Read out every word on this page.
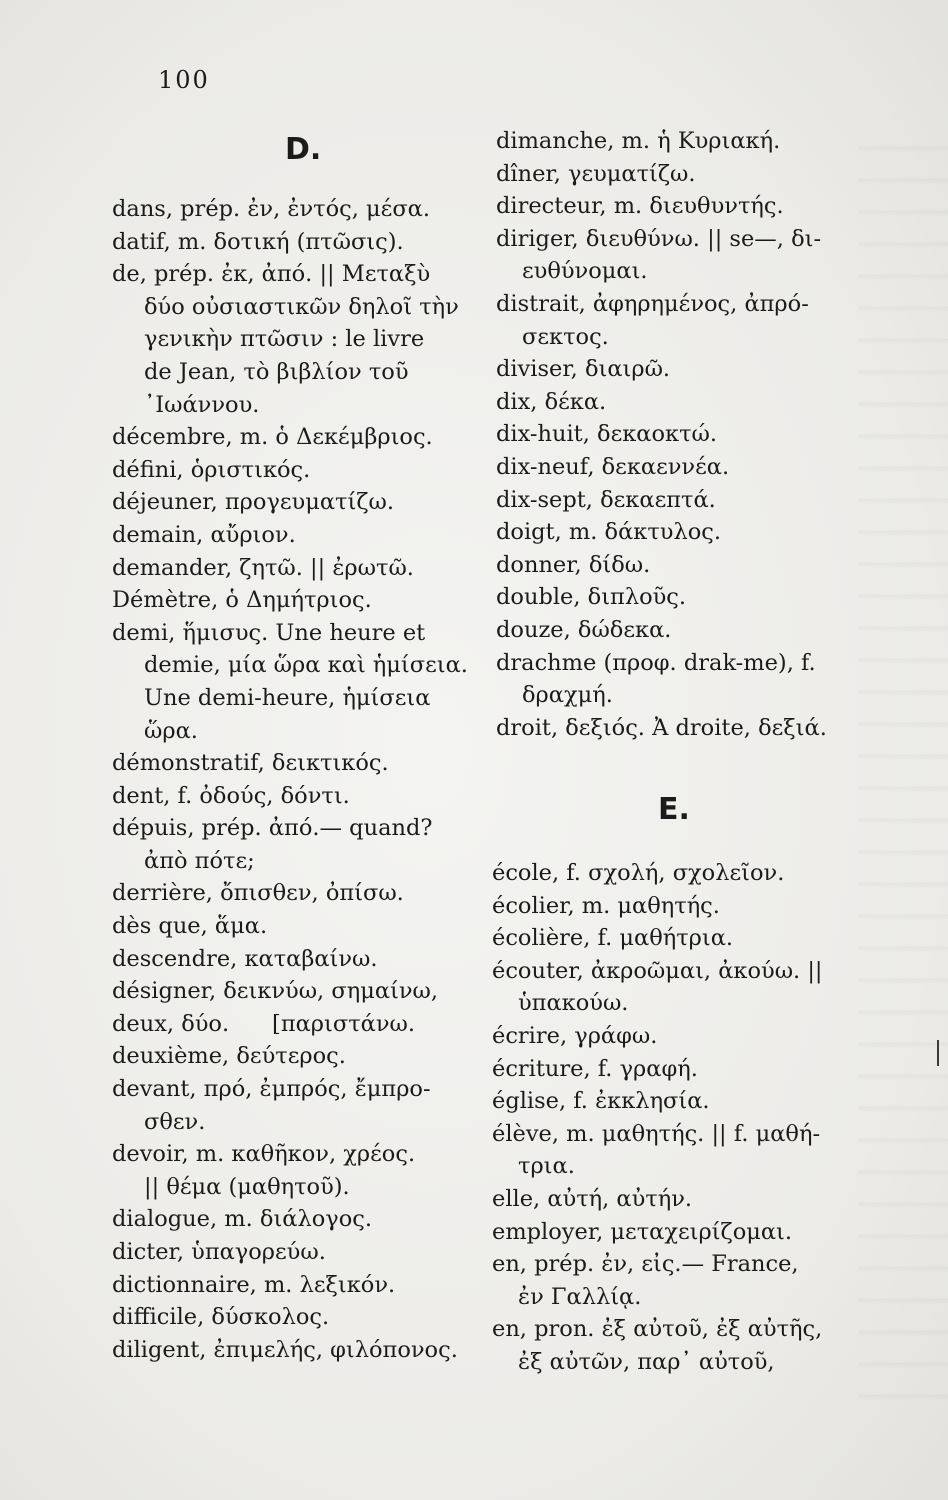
100
D.
dans, prép. ἐν, ἐντός, μέσα.
datif, m. δοτική (πτῶσις).
de, prép. ἐκ, ἀπό. || Μεταξὺ
δύο οὐσιαστικῶν δηλοῖ τὴν
γενικὴν πτῶσιν : le livre
de Jean, τὸ βιβλίον τοῦ
᾿Ιωάννου.
décembre, m. ὁ Δεκέμβριος.
défini, ὁριστικός.
déjeuner, προγευματίζω.
demain, αὔριον.
demander, ζητῶ. || ἐρωτῶ.
Démètre, ὁ Δημήτριος.
demi, ἥμισυς. Une heure et
demie, μία ὥρα καὶ ἡμίσεια.
Une demi-heure, ἡμίσεια
ὥρα.
démonstratif, δεικτικός.
dent, f. ὀδούς, δόντι.
dépuis, prép. ἀπό.— quand?
ἀπὸ πότε;
derrière, ὄπισθεν, ὀπίσω.
dès que, ἅμα.
descendre, καταβαίνω.
désigner, δεικνύω, σημαίνω,
deux, δύο.      [παριστάνω.
deuxième, δεύτερος.
devant, πρό, ἐμπρός, ἔμπρο-
σθεν.
devoir, m. καθῆκον, χρέος.
|| θέμα (μαθητοῦ).
dialogue, m. διάλογος.
dicter, ὑπαγορεύω.
dictionnaire, m. λεξικόν.
difficile, δύσκολος.
diligent, ἐπιμελής, φιλόπονος.
dimanche, m. ἡ Κυριακή.
dîner, γευματίζω.
directeur, m. διευθυντής.
diriger, διευθύνω. || se—, δι-
ευθύνομαι.
distrait, ἀφηρημένος, ἀπρό-
σεκτος.
diviser, διαιρῶ.
dix, δέκα.
dix-huit, δεκαοκτώ.
dix-neuf, δεκαεννέα.
dix-sept, δεκαεπτά.
doigt, m. δάκτυλος.
donner, δίδω.
double, διπλοῦς.
douze, δώδεκα.
drachme (προφ. drak-me), f.
δραχμή.
droit, δεξιός. Ἀ droite, δεξιά.
E.
école, f. σχολή, σχολεῖον.
écolier, m. μαθητής.
écolière, f. μαθήτρια.
écouter, ἀκροῶμαι, ἀκούω. ||
ὑπακούω.
écrire, γράφω.
écriture, f. γραφή.
église, f. ἐκκλησία.
élève, m. μαθητής. || f. μαθή-
τρια.
elle, αὐτή, αὐτήν.
employer, μεταχειρίζομαι.
en, prép. ἐν, εἰς.— France,
ἐν Γαλλίᾳ.
en, pron. ἐξ αὐτοῦ, ἐξ αὐτῆς,
ἐξ αὐτῶν, παρ᾿ αὐτοῦ,
